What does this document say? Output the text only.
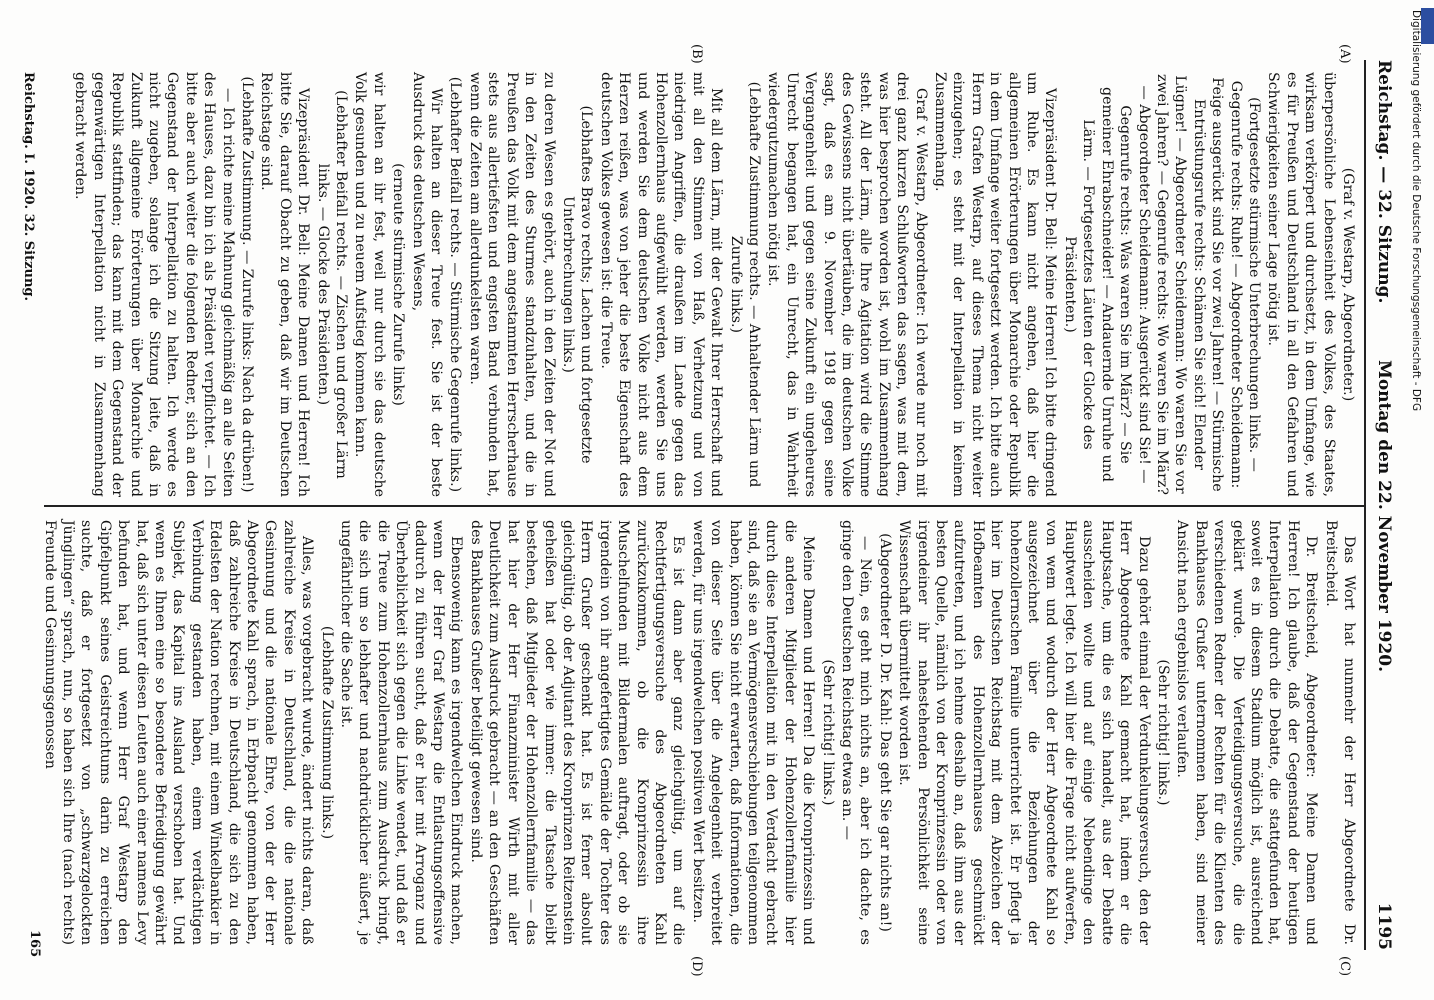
Reichstag. — 32. Sitzung.
Montag den 22. November 1920.
1195
(A)
(B)
(C)
(D)

(Graf v. Westarp, Abgeordneter.)

überpersönliche Lebenseinheit des Volkes, des Staates, wirksam verkörpert und durchsetzt, in dem Umfange, wie es für Preußen und Deutschland in all den Gefahren und Schwierigkeiten seiner Lage nötig ist.

(Fortgesetzte stürmische Unterbrechungen links. — Gegenrufe rechts: Ruhe! — Abgeordneter Scheidemann: Feige ausgerückt sind Sie vor zwei Jahren! — Stürmische Entrüstungsrufe rechts: Schämen Sie sich! Elender Lügner! — Abgeordneter Scheidemann: Wo waren Sie vor zwei Jahren? — Gegenrufe rechts: Wo waren Sie im März? — Abgeordneter Scheidemann: Ausgerückt sind Sie! — Gegenrufe rechts: Was waren Sie im März? — Sie gemeiner Ehrabschneider! — Andauernde Unruhe und Lärm. — Fortgesetztes Läuten der Glocke des Präsidenten.)

Vizepräsident Dr. Bell: Meine Herren! Ich bitte dringend um Ruhe. Es kann nicht angehen, daß hier die allgemeinen Erörterungen über Monarchie oder Republik in dem Umfange weiter fortgesetzt werden. Ich bitte auch Herrn Grafen Westarp, auf dieses Thema nicht weiter einzugehen; es steht mit der Interpellation in keinem Zusammenhang.

Graf v. Westarp, Abgeordneter: Ich werde nur noch mit drei ganz kurzen Schlußworten das sagen, was mit dem, was hier besprochen worden ist, wohl im Zusammenhang steht. All der Lärm, alle Ihre Agitation wird die Stimme des Gewissens nicht übertäuben, die im deutschen Volke sagt, daß es am 9. November 1918 gegen seine Vergangenheit und gegen seine Zukunft ein ungeheures Unrecht begangen hat, ein Unrecht, das in Wahrheit wiedergutzumachen nötig ist.

(Lebhafte Zustimmung rechts. — Anhaltender Lärm und Zurufe links.)

Mit all dem Lärm, mit der Gewalt Ihrer Herrschaft und mit all den Stimmen von Haß, Verhetzung und von niedrigen Angriffen, die draußen im Lande gegen das Hohenzollernhaus aufgewühlt werden, werden Sie uns und werden Sie dem deutschen Volke nicht aus dem Herzen reißen, was von jeher die beste Eigenschaft des deutschen Volkes gewesen ist: die Treue.

(Lebhaftes Bravo rechts; Lachen und fortgesetzte Unterbrechungen links.)

zu deren Wesen es gehört, auch in den Zeiten der Not und in den Zeiten des Sturmes standzuhalten, und die in Preußen das Volk mit dem angestammten Herrscherhause stets aus allertiefsten und engsten Band verbunden hat, wenn die Zeiten am allerdunkelsten waren.

(Lebhafter Beifall rechts. — Stürmische Gegenrufe links.)

Wir halten an dieser Treue fest. Sie ist der beste Ausdruck des deutschen Wesens,

(erneute stürmische Zurufe links)

wir halten an ihr fest, weil nur durch sie das deutsche Volk gesunden und zu neuem Aufstieg kommen kann.

(Lebhafter Beifall rechts. — Zischen und großer Lärm links. — Glocke des Präsidenten.)

Vizepräsident Dr. Bell: Meine Damen und Herren! Ich bitte Sie, darauf Obacht zu geben, daß wir im Deutschen Reichstage sind.

(Lebhafte Zustimmung. — Zurufe links: Nach da drüben!)

— Ich richte meine Mahnung gleichmäßig an alle Seiten des Hauses, dazu bin ich als Präsident verpflichtet. — Ich bitte aber auch weiter die folgenden Redner, sich an den Gegenstand der Interpellation zu halten. Ich werde es nicht zugeben, solange ich die Sitzung leite, daß in Zukunft allgemeine Erörterungen über Monarchie und Republik stattfinden; das kann mit dem Gegenstand der gegenwärtigen Interpellation nicht in Zusammenhang gebracht werden.

Das Wort hat nunmehr der Herr Abgeordnete Dr. Breitscheid.

Dr. Breitscheid, Abgeordneter: Meine Damen und Herren! Ich glaube, daß der Gegenstand der heutigen Interpellation durch die Debatte, die stattgefunden hat, soweit es in diesem Stadium möglich ist, ausreichend geklärt wurde. Die Verteidigungsversuche, die die verschiedenen Redner der Rechten für die Klienten des Bankhauses Grußer unternommen haben, sind meiner Ansicht nach ergebnislos verlaufen.

(Sehr richtig! links.)

Dazu gehört einmal der Verdunkelungsversuch, den der Herr Abgeordnete Kahl gemacht hat, indem er die Hauptsache, um die es sich handelt, aus der Debatte ausscheiden wollte und auf einige Nebendinge den Hauptwert legte. Ich will hier die Frage nicht aufwerfen, von wem und wodurch der Herr Abgeordnete Kahl so ausgezeichnet über die Beziehungen der hohenzollernschen Familie unterrichtet ist. Er pflegt ja hier im Deutschen Reichstag mit dem Abzeichen der Hofbeamten des Hohenzollernhauses geschmückt aufzutreten, und ich nehme deshalb an, daß ihm aus der besten Quelle, nämlich von der Kronprinzessin oder von irgendeiner ihr nahestehenden Persönlichkeit seine Wissenschaft übermittelt worden ist.

(Abgeordneter D. Dr. Kahl: Das geht Sie gar nichts an!)

— Nein, es geht mich nichts an, aber ich dachte, es ginge den Deutschen Reichstag etwas an. —

(Sehr richtig! links.)

Meine Damen und Herren! Da die Kronprinzessin und die anderen Mitglieder der Hohenzollernfamilie hier durch diese Interpellation mit in den Verdacht gebracht sind, daß sie an Vermögensverschiebungen teilgenommen haben, können Sie nicht erwarten, daß Informationen, die von dieser Seite über die Angelegenheit verbreitet werden, für uns irgendwelchen positiven Wert besitzen.

Es ist dann aber ganz gleichgültig, um auf die Rechtfertigungsversuche des Abgeordneten Kahl zurückzukommen, ob die Kronprinzessin ihre Muschelfunden mit Bildermalen auftragt, oder ob sie irgendein von ihr angefertigtes Gemälde der Tochter des Herrn Grußer geschenkt hat. Es ist ferner absolut gleichgültig, ob der Adjutant des Kronprinzen Reitzenstein geheißen hat oder wie immer: die Tatsache bleibt bestehen, daß Mitglieder der Hohenzollernfamilie — das hat hier der Herr Finanzminister Wirth mit aller Deutlichkeit zum Ausdruck gebracht — an den Geschäften des Bankhauses Grußer beteiligt gewesen sind.

Ebensowenig kann es irgendwelchen Eindruck machen, wenn der Herr Graf Westarp die Entlastungsoffensive dadurch zu führen sucht, daß er hier mit Arroganz und Überheblichkeit sich gegen die Linke wendet, und daß er die Treue zum Hohenzollernhaus zum Ausdruck bringt, die sich um so lebhafter und nachdrücklicher äußert, je ungefährlicher die Sache ist.

(Lebhafte Zustimmung links.)

Alles, was vorgebracht wurde, ändert nichts daran, daß zahlreiche Kreise in Deutschland, die die nationale Gesinnung und die nationale Ehre, von der der Herr Abgeordnete Kahl sprach, in Erbpacht genommen haben, daß zahlreiche Kreise in Deutschland, die sich zu den Edelsten der Nation rechnen, mit einem Winkelbankier in Verbindung gestanden haben, einem verdächtigen Subjekt, das Kapital ins Ausland verschoben hat. Und wenn es Ihnen eine so besondere Befriedigung gewährt hat, daß sich unter diesen Leuten auch einer namens Levy befunden hat, und wenn Herr Graf Westarp den Gipfelpunkt seines Geistreichtums darin zu erreichen suchte, daß er fortgesetzt von „schwarzgelockten Jünglingen“ sprach, nun, so haben sich Ihre (nach rechts) Freunde und Gesinnungsgenossen

Reichstag. I. 1920. 32. Sitzung.
165
Digitalisierung gefördert durch die Deutsche Forschungsgemeinschaft - DFG
